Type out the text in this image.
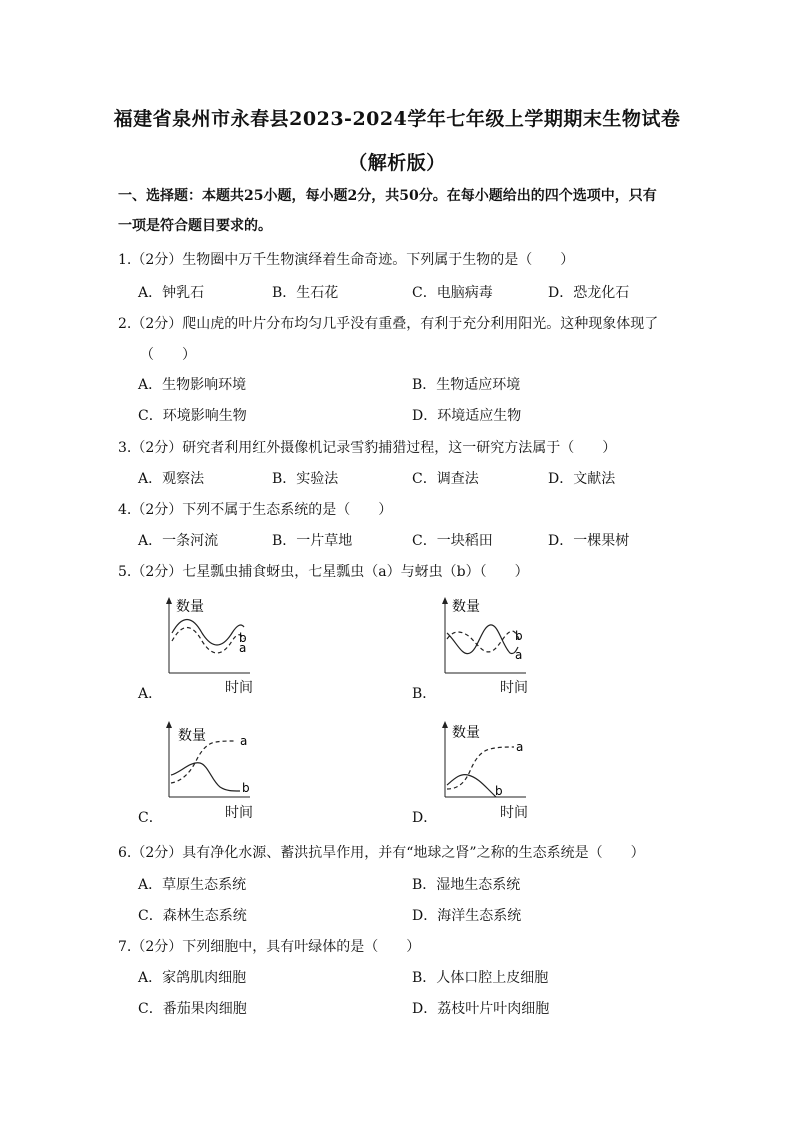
福建省泉州市永春县2023-2024学年七年级上学期期末生物试卷
（解析版）
一、选择题：本题共25小题，每小题2分，共50分。在每小题给出的四个选项中，只有
一项是符合题目要求的。
1.（2分）生物圈中万千生物演绎着生命奇迹。下列属于生物的是（　　）
A．钟乳石	B．生石花	C．电脑病毒	D．恐龙化石
2.（2分）爬山虎的叶片分布均匀几乎没有重叠，有利于充分利用阳光。这种现象体现了
（　　）
A．生物影响环境	B．生物适应环境
C．环境影响生物	D．环境适应生物
3.（2分）研究者利用红外摄像机记录雪豹捕猎过程，这一研究方法属于（　　）
A．观察法	B．实验法	C．调查法	D．文献法
4.（2分）下列不属于生态系统的是（　　）
A．一条河流	B．一片草地	C．一块稻田	D．一棵果树
5.（2分）七星瓢虫捕食蚜虫，七星瓢虫（a）与蚜虫（b）（　　）
A．	B．
C．	D．
数量
b
a
时间
数量
b
a
时间
数量	a
b
时间
数量
a
b
时间
6.（2分）具有净化水源、蓄洪抗旱作用，并有“地球之肾”之称的生态系统是（　　）
A．草原生态系统	B．湿地生态系统
C．森林生态系统	D．海洋生态系统
7.（2分）下列细胞中，具有叶绿体的是（　　）
A．家鸽肌肉细胞	B．人体口腔上皮细胞
C．番茄果肉细胞	D．荔枝叶片叶肉细胞
